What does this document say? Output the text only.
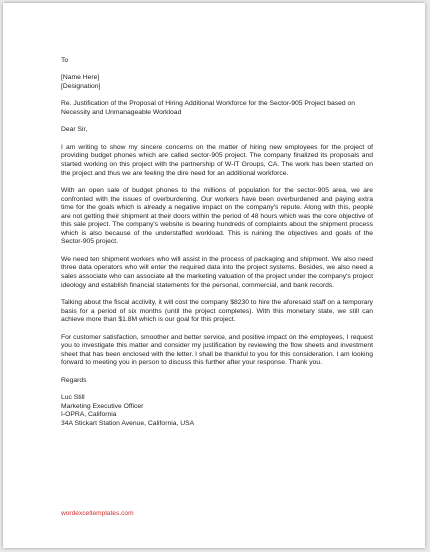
To

[Name Here]

[Designation]

Re. Justification of the Proposal of Hiring Additional Workforce for the Sector-905 Project based on Necessity and Unmanageable Workload

Dear Sir,

I am writing to show my sincere concerns on the matter of hiring new employees for the project of providing budget phones which are called sector-905 project. The company finalized its proposals and started working on this project with the partnership of W-IT Groups, CA. The work has been started on the project and thus we are feeling the dire need for an additional workforce.

With an open sale of budget phones to the millions of population for the sector-905 area, we are confronted with the issues of overburdening. Our workers have been overburdened and paying extra time for the goals which is already a negative impact on the company's repute. Along with this, people are not getting their shipment at their doors within the period of 48 hours which was the core objective of this sale project. The company's website is bearing hundreds of complaints about the shipment process which is also because of the understaffed workload. This is ruining the objectives and goals of the Sector-905 project.

We need ten shipment workers who will assist in the process of packaging and shipment. We also need three data operators who will enter the required data into the project systems. Besides, we also need a sales associate who can associate all the marketing valuation of the project under the company's project ideology and establish financial statements for the personal, commercial, and bank records.

Talking about the fiscal acclivity, it will cost the company $8230 to hire the aforesaid staff on a temporary basis for a period of six months (until the project completes). With this monetary state, we still can achieve more than $1.8M which is our goal for this project.

For customer satisfaction, smoother and better service, and positive impact on the employees, I request you to investigate this matter and consider my justification by reviewing the flow sheets and investment sheet that has been enclosed with the letter. I shall be thankful to you for this consideration. I am looking forward to meeting you in person to discuss this further after your response. Thank you.

Regards

Luc Still

Marketing Executive Officer

I-OPRA, California

34A Stickart Station Avenue, California, USA

wordexceltemplates.com
